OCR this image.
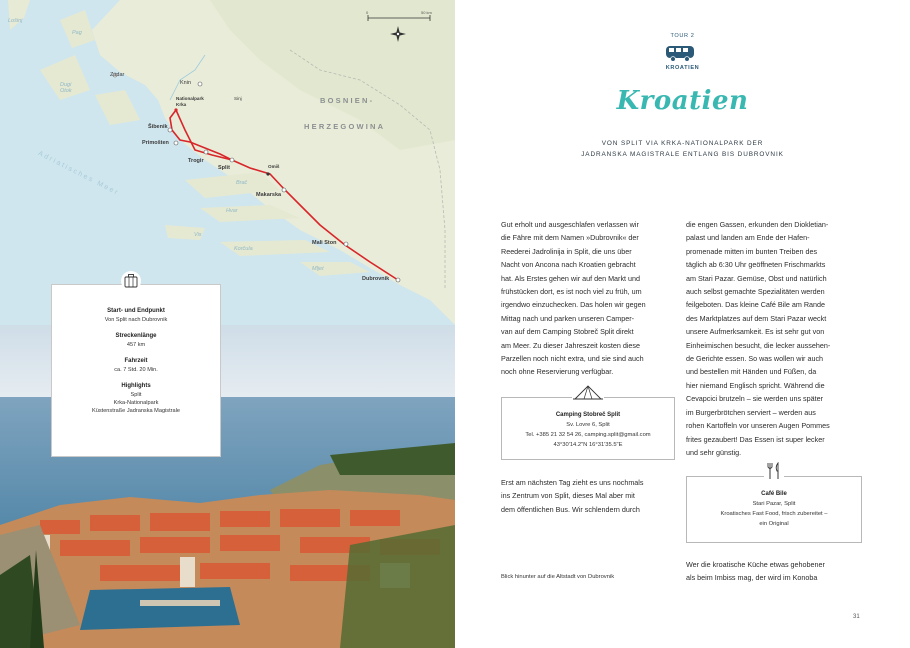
0	50 km
Lošinj
Pag
Zadar
Dugi Otok
Knin
Nationalpark Krka
Sinj
Šibenik
Primošten
Trogir
Split	Omiš
Brač
Makarska
Hvar
Vis
Korčula
Mali Ston
Mljet
Dubrovnik
BOSNIEN-
HERZEGOWINA
Adriatisches Meer
Start- und Endpunkt
Von Split nach Dubrovnik
Streckenlänge
457 km
Fahrzeit
ca. 7 Std. 20 Min.
Highlights
Split
Krka-Nationalpark
Küstenstraße Jadranska Magistrale
TOUR 2
KROATIEN
Kroatien
VON SPLIT VIA KRKA-NATIONALPARK DER
JADRANSKA MAGISTRALE ENTLANG BIS DUBROVNIK
Gut erholt und ausgeschlafen verlassen wir
die Fähre mit dem Namen »Dubrovnik« der
Reederei Jadrolinija in Split, die uns über
Nacht von Ancona nach Kroatien gebracht
hat. Als Erstes gehen wir auf den Markt und
frühstücken dort, es ist noch viel zu früh, um
irgendwo einzuchecken. Das holen wir gegen
Mittag nach und parken unseren Camper-
van auf dem Camping Stobreč Split direkt
am Meer. Zu dieser Jahreszeit kosten diese
Parzellen noch nicht extra, und sie sind auch
noch ohne Reservierung verfügbar.
Camping Stobreč Split
Sv. Lovre 6, Split
Tel. +385 21 32 54 26, camping.split@gmail.com
43°30'14.2"N 16°31'35.5"E
Erst am nächsten Tag zieht es uns nochmals
ins Zentrum von Split, dieses Mal aber mit
dem öffentlichen Bus. Wir schlendern durch
die engen Gassen, erkunden den Diokletian-
palast und landen am Ende der Hafen-
promenade mitten im bunten Treiben des
täglich ab 6:30 Uhr geöffneten Frischmarkts
am Stari Pazar. Gemüse, Obst und natürlich
auch selbst gemachte Spezialitäten werden
feilgeboten. Das kleine Café Bile am Rande
des Marktplatzes auf dem Stari Pazar weckt
unsere Aufmerksamkeit. Es ist sehr gut von
Einheimischen besucht, die lecker aussehen-
de Gerichte essen. So was wollen wir auch
und bestellen mit Händen und Füßen, da
hier niemand Englisch spricht. Während die
Cevapcici brutzeln – sie werden uns später
im Burgerbrötchen serviert – werden aus
rohen Kartoffeln vor unseren Augen Pommes
frites gezaubert! Das Essen ist super lecker
und sehr günstig.
Café Bile
Stari Pazar, Split
Kroatisches Fast Food, frisch zubereitet –
ein Original
Wer die kroatische Küche etwas gehobener
als beim Imbiss mag, der wird im Konoba
Blick hinunter auf die Altstadt von Dubrovnik
31
